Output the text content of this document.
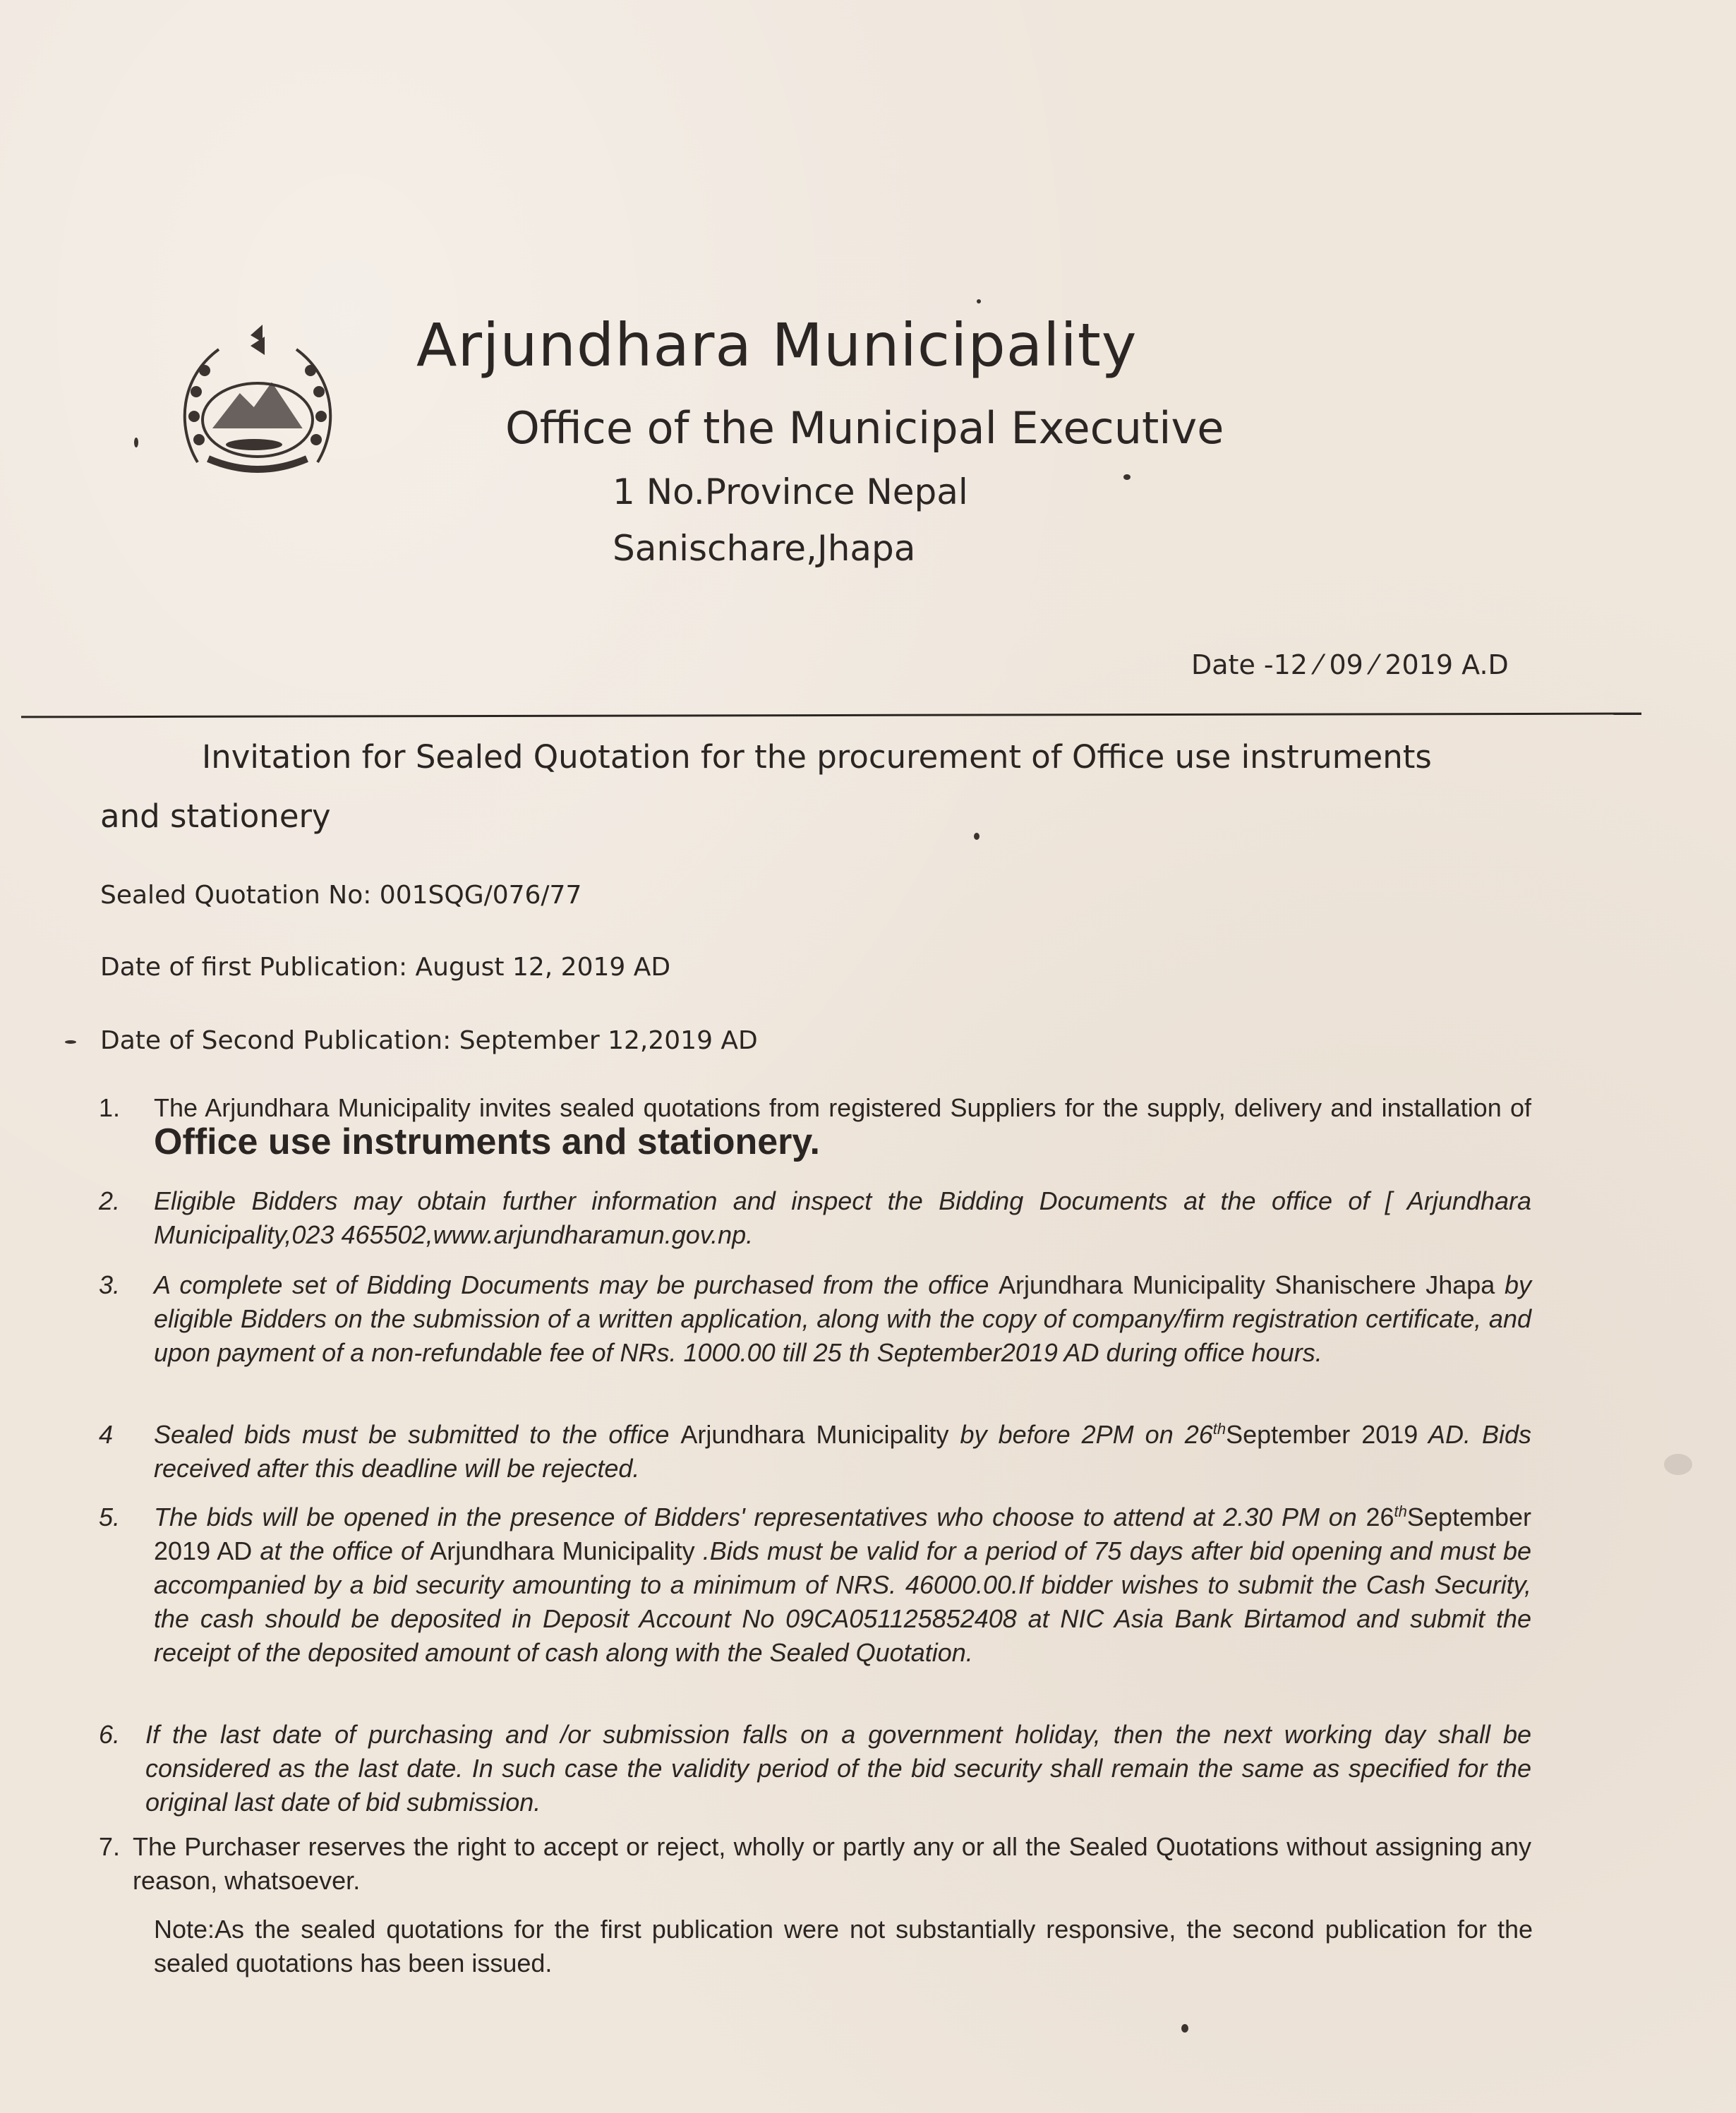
Arjundhara Municipality
Office of the Municipal Executive
1 No.Province Nepal
Sanischare,Jhapa
Date -12 ⁄ 09 ⁄ 2019 A.D
Invitation for Sealed Quotation for the procurement of Office use instruments
and stationery
Sealed Quotation No: 001SQG/076/77
Date of first Publication: August 12, 2019 AD
Date of Second Publication: September 12,2019 AD
1. The Arjundhara Municipality invites sealed quotations from registered Suppliers for the supply, delivery and installation of Office use instruments and stationery.
2. Eligible Bidders may obtain further information and inspect the Bidding Documents at the office of [ Arjundhara Municipality,023 465502,www.arjundharamun.gov.np.
3. A complete set of Bidding Documents may be purchased from the office Arjundhara Municipality Shanischere Jhapa by eligible Bidders on the submission of a written application, along with the copy of company/firm registration certificate, and upon payment of a non-refundable fee of NRs. 1000.00 till 25 th September2019 AD during office hours.
4 Sealed bids must be submitted to the office Arjundhara Municipality by before 2PM on 26thSeptember 2019 AD. Bids received after this deadline will be rejected.
5. The bids will be opened in the presence of Bidders' representatives who choose to attend at 2.30 PM on 26thSeptember 2019 AD at the office of Arjundhara Municipality .Bids must be valid for a period of 75 days after bid opening and must be accompanied by a bid security amounting to a minimum of NRS. 46000.00.If bidder wishes to submit the Cash Security, the cash should be deposited in Deposit Account No 09CA051125852408 at NIC Asia Bank Birtamod and submit the receipt of the deposited amount of cash along with the Sealed Quotation.
6. If the last date of purchasing and /or submission falls on a government holiday, then the next working day shall be considered as the last date. In such case the validity period of the bid security shall remain the same as specified for the original last date of bid submission.
7. The Purchaser reserves the right to accept or reject, wholly or partly any or all the Sealed Quotations without assigning any reason, whatsoever.
Note:As the sealed quotations for the first publication were not substantially responsive, the second publication for the sealed quotations has been issued.
